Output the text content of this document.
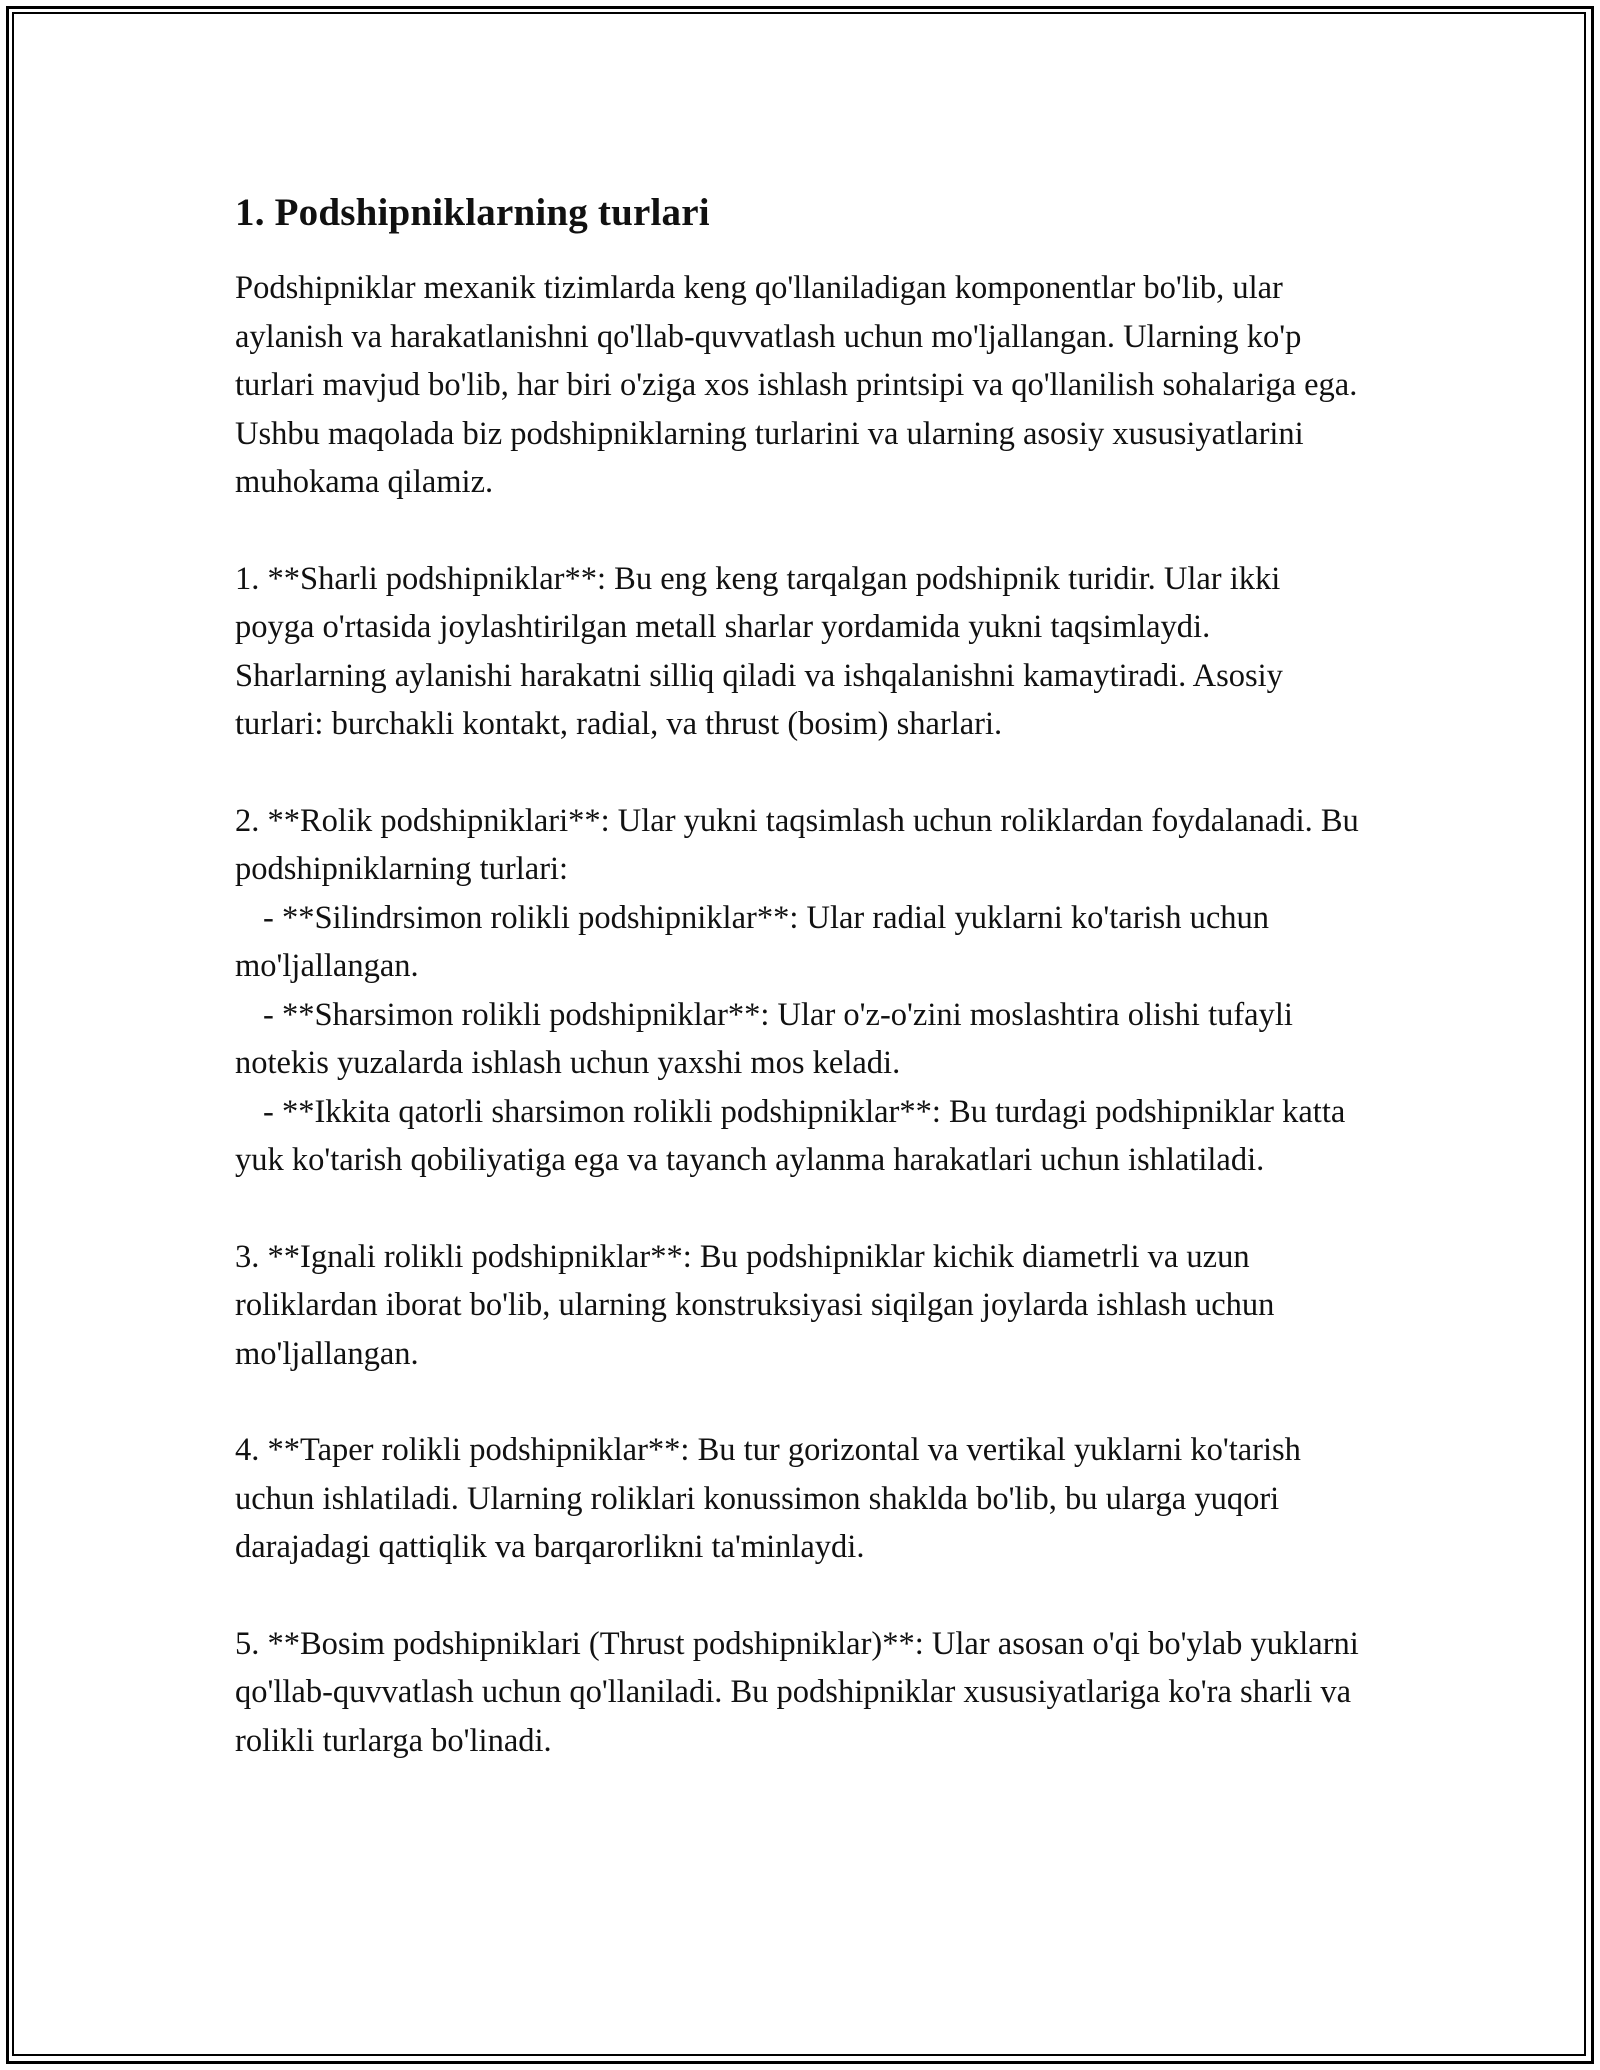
1. Podshipniklarning turlari

Podshipniklar mexanik tizimlarda keng qo'llaniladigan komponentlar bo'lib, ular aylanish va harakatlanishni qo'llab-quvvatlash uchun mo'ljallangan. Ularning ko'p turlari mavjud bo'lib, har biri o'ziga xos ishlash printsipi va qo'llanilish sohalariga ega. Ushbu maqolada biz podshipniklarning turlarini va ularning asosiy xususiyatlarini muhokama qilamiz.

1. **Sharli podshipniklar**: Bu eng keng tarqalgan podshipnik turidir. Ular ikki poyga o'rtasida joylashtirilgan metall sharlar yordamida yukni taqsimlaydi. Sharlarning aylanishi harakatni silliq qiladi va ishqalanishni kamaytiradi. Asosiy turlari: burchakli kontakt, radial, va thrust (bosim) sharlari.

2. **Rolik podshipniklari**: Ular yukni taqsimlash uchun roliklardan foydalanadi. Bu podshipniklarning turlari:
- **Silindrsimon rolikli podshipniklar**: Ular radial yuklarni ko'tarish uchun mo'ljallangan.
- **Sharsimon rolikli podshipniklar**: Ular o'z-o'zini moslashtira olishi tufayli notekis yuzalarda ishlash uchun yaxshi mos keladi.
- **Ikkita qatorli sharsimon rolikli podshipniklar**: Bu turdagi podshipniklar katta yuk ko'tarish qobiliyatiga ega va tayanch aylanma harakatlari uchun ishlatiladi.

3. **Ignali rolikli podshipniklar**: Bu podshipniklar kichik diametrli va uzun roliklardan iborat bo'lib, ularning konstruksiyasi siqilgan joylarda ishlash uchun mo'ljallangan.

4. **Taper rolikli podshipniklar**: Bu tur gorizontal va vertikal yuklarni ko'tarish uchun ishlatiladi. Ularning roliklari konussimon shaklda bo'lib, bu ularga yuqori darajadagi qattiqlik va barqarorlikni ta'minlaydi.

5. **Bosim podshipniklari (Thrust podshipniklar)**: Ular asosan o'qi bo'ylab yuklarni qo'llab-quvvatlash uchun qo'llaniladi. Bu podshipniklar xususiyatlariga ko'ra sharli va rolikli turlarga bo'linadi.
